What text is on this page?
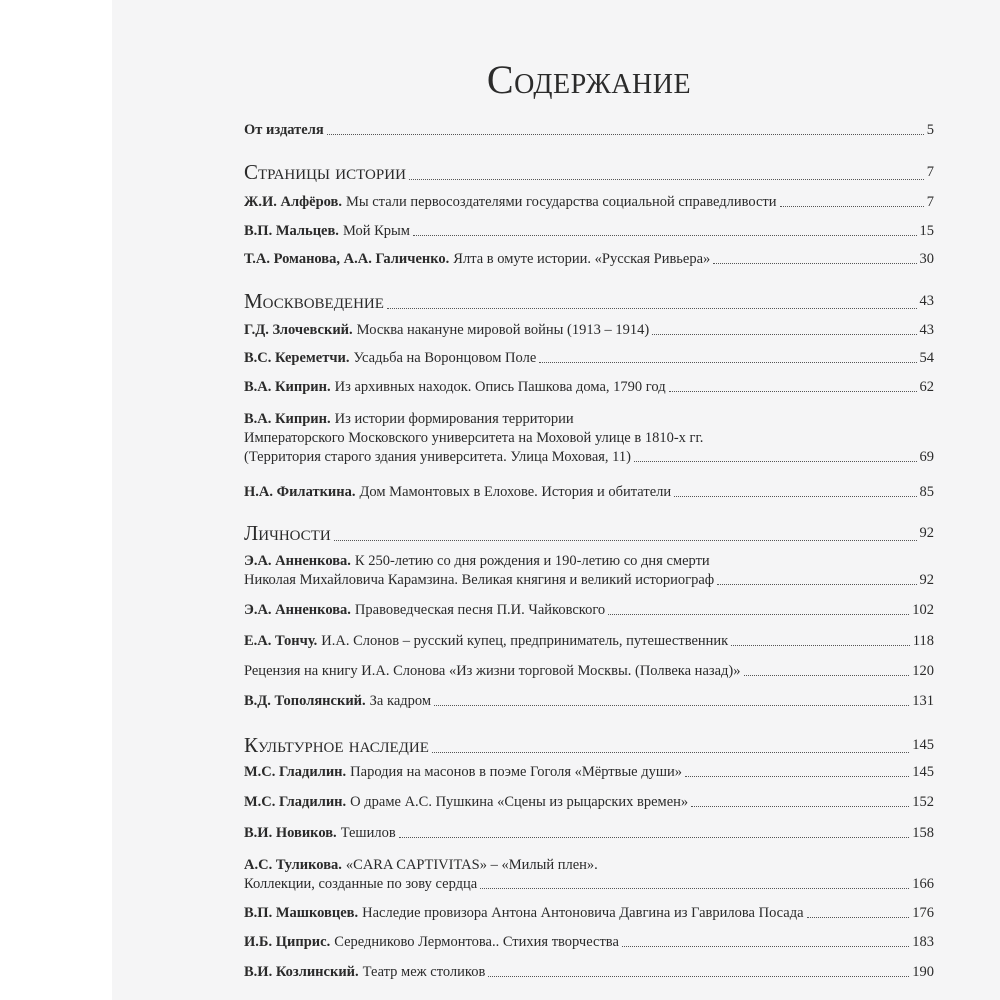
Содержание
От издателя	5
Страницы истории	7
Ж.И. Алфёров. Мы стали первосоздателями государства социальной справедливости	7
В.П. Мальцев. Мой Крым	15
Т.А. Романова, А.А. Галиченко. Ялта в омуте истории. «Русская Ривьера»	30
Москвоведение	43
Г.Д. Злочевский. Москва накануне мировой войны (1913 – 1914)	43
В.С. Кереметчи. Усадьба на Воронцовом Поле	54
В.А. Киприн. Из архивных находок. Опись Пашкова дома, 1790 год	62
В.А. Киприн. Из истории формирования территории
Императорского Московского университета на Моховой улице в 1810-х гг.
(Территория старого здания университета. Улица Моховая, 11)	69
Н.А. Филаткина. Дом Мамонтовых в Елохове. История и обитатели	85
Личности	92
Э.А. Анненкова. К 250-летию со дня рождения и 190-летию со дня смерти
Николая Михайловича Карамзина. Великая княгиня и великий историограф	92
Э.А. Анненкова. Правоведческая песня П.И. Чайковского	102
Е.А. Тончу. И.А. Слонов – русский купец, предприниматель, путешественник	118
Рецензия на книгу И.А. Слонова «Из жизни торговой Москвы. (Полвека назад)»	120
В.Д. Тополянский. За кадром	131
Культурное наследие	145
М.С. Гладилин. Пародия на масонов в поэме Гоголя «Мёртвые души»	145
М.С. Гладилин. О драме А.С. Пушкина «Сцены из рыцарских времен»	152
В.И. Новиков. Тешилов	158
А.С. Туликова. «CARA CAPTIVITAS» – «Милый плен».
Коллекции, созданные по зову сердца	166
В.П. Машковцев. Наследие провизора Антона Антоновича Давгина из Гаврилова Посада	176
И.Б. Циприс. Середниково Лермонтова.. Стихия творчества	183
В.И. Козлинский. Театр меж столиков	190
